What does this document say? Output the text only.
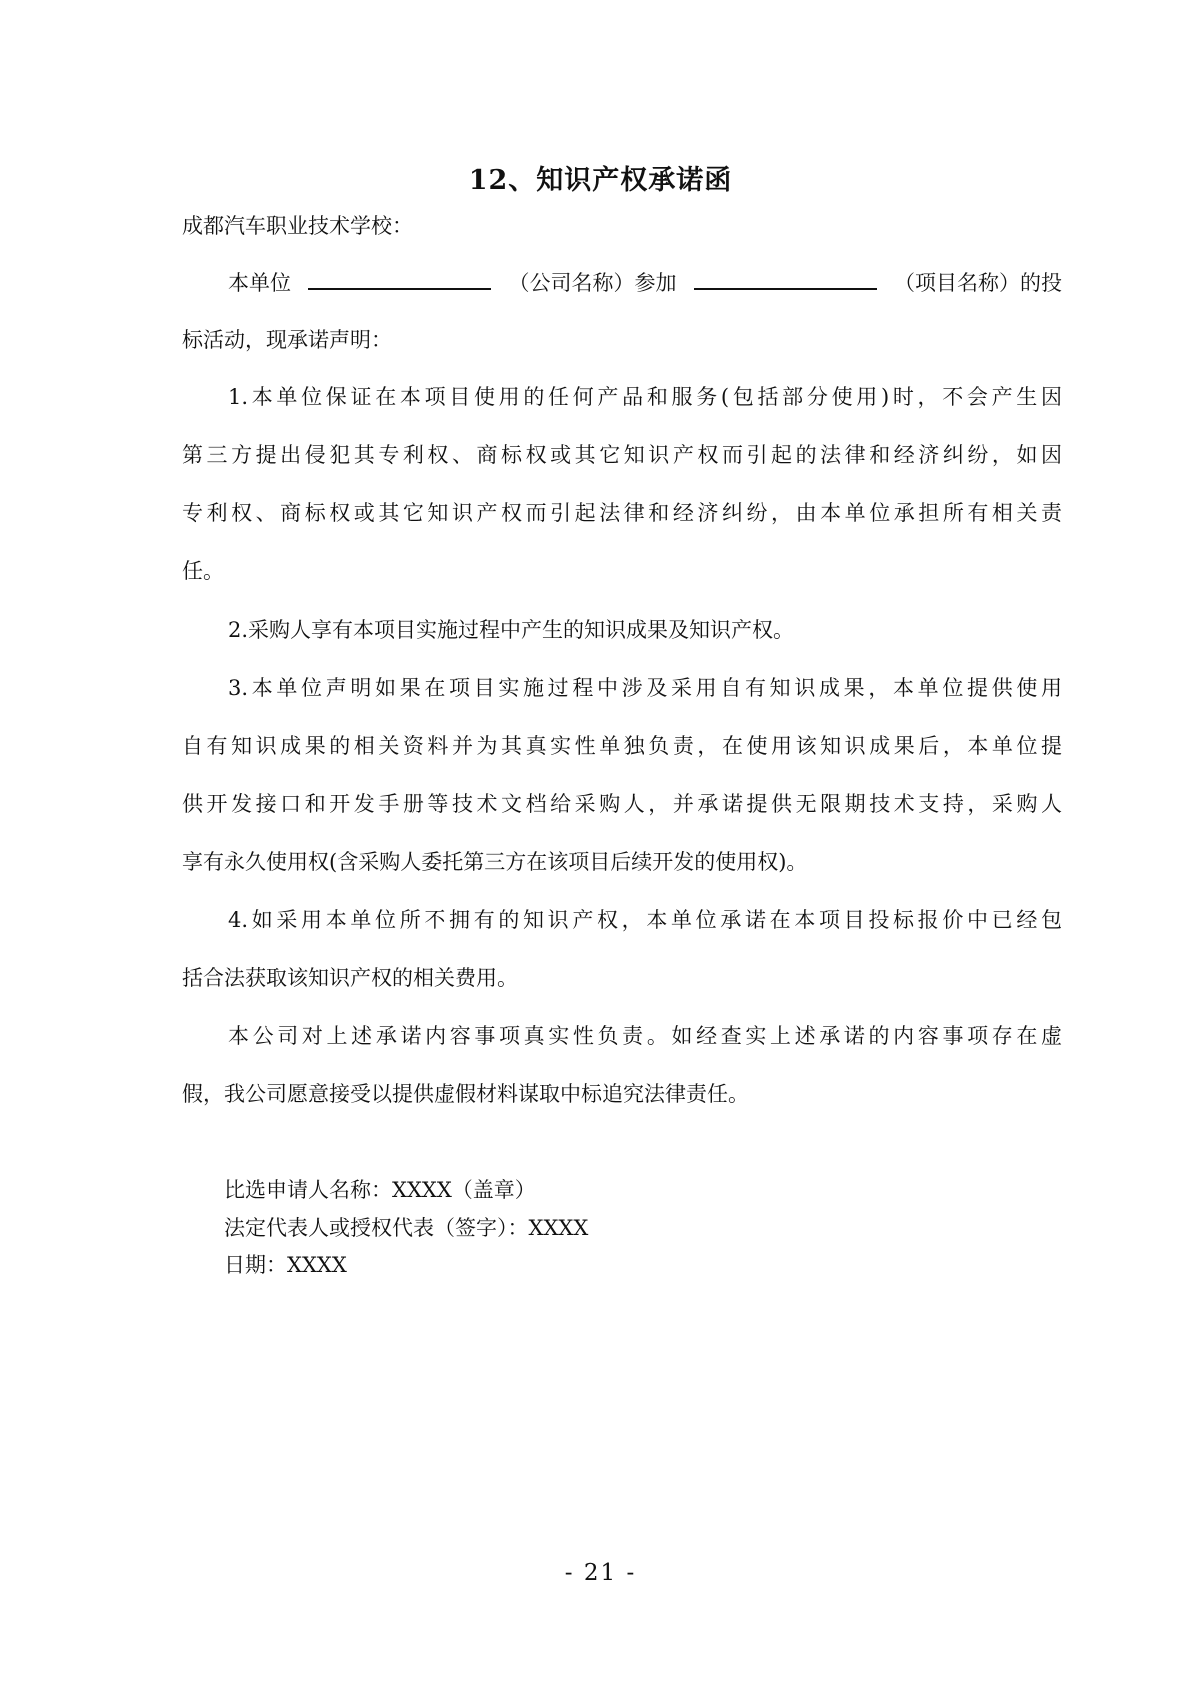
12、知识产权承诺函
成都汽车职业技术学校：
本单位	（公司名称）参加	（项目名称）的投
标活动，现承诺声明：
1.本单位保证在本项目使用的任何产品和服务(包括部分使用)时，不会产生因
第三方提出侵犯其专利权、商标权或其它知识产权而引起的法律和经济纠纷，如因
专利权、商标权或其它知识产权而引起法律和经济纠纷，由本单位承担所有相关责
任。
2.采购人享有本项目实施过程中产生的知识成果及知识产权。
3.本单位声明如果在项目实施过程中涉及采用自有知识成果，本单位提供使用
自有知识成果的相关资料并为其真实性单独负责，在使用该知识成果后，本单位提
供开发接口和开发手册等技术文档给采购人，并承诺提供无限期技术支持，采购人
享有永久使用权(含采购人委托第三方在该项目后续开发的使用权)。
4.如采用本单位所不拥有的知识产权，本单位承诺在本项目投标报价中已经包
括合法获取该知识产权的相关费用。
本公司对上述承诺内容事项真实性负责。如经查实上述承诺的内容事项存在虚
假，我公司愿意接受以提供虚假材料谋取中标追究法律责任。
比选申请人名称：XXXX（盖章）
法定代表人或授权代表（签字）：XXXX
日期：XXXX
- 21 -
